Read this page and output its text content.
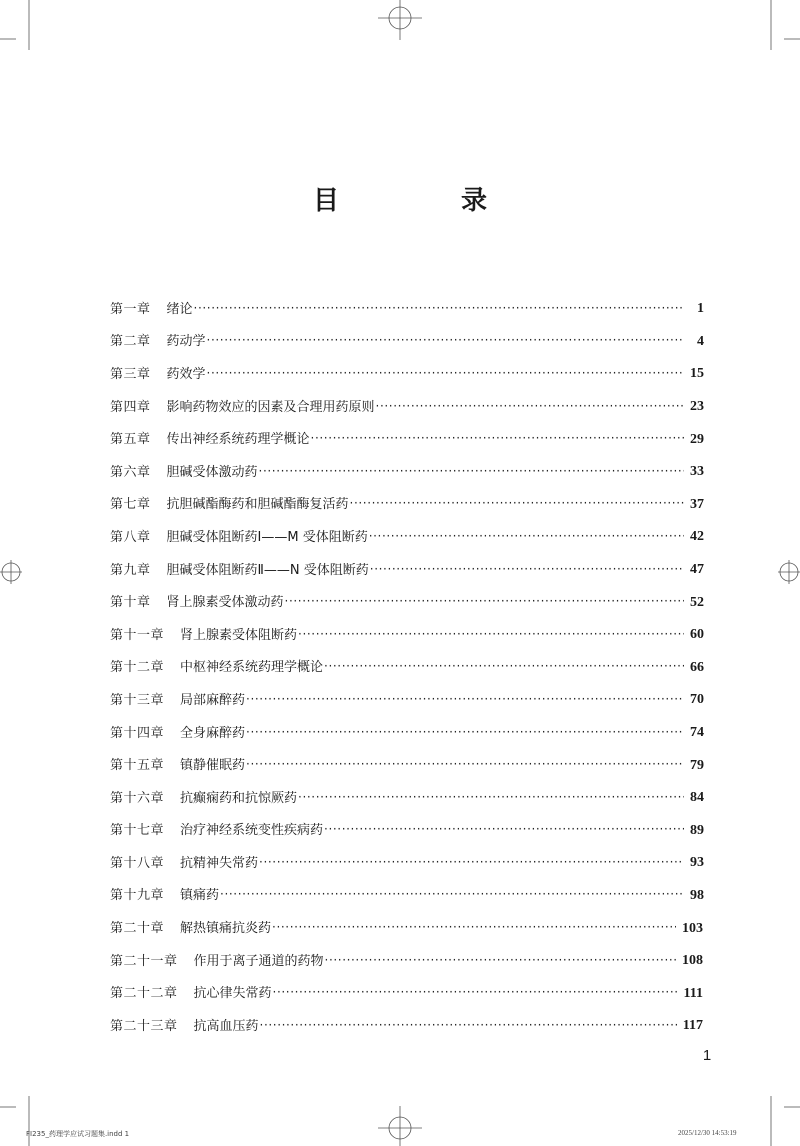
目　录
第一章 绪论 ·····	1
第二章 药动学 ·····	4
第三章 药效学 ·····	15
第四章 影响药物效应的因素及合理用药原则 ·····	23
第五章 传出神经系统药理学概论 ·····	29
第六章 胆碱受体激动药 ·····	33
第七章 抗胆碱酯酶药和胆碱酯酶复活药 ·····	37
第八章 胆碱受体阻断药Ⅰ——M 受体阻断药 ·····	42
第九章 胆碱受体阻断药Ⅱ——N 受体阻断药 ·····	47
第十章 肾上腺素受体激动药 ·····	52
第十一章 肾上腺素受体阻断药 ·····	60
第十二章 中枢神经系统药理学概论 ·····	66
第十三章 局部麻醉药 ·····	70
第十四章 全身麻醉药 ·····	74
第十五章 镇静催眠药 ·····	79
第十六章 抗癫痫药和抗惊厥药 ·····	84
第十七章 治疗神经系统变性疾病药 ·····	89
第十八章 抗精神失常药 ·····	93
第十九章 镇痛药 ·····	98
第二十章 解热镇痛抗炎药 ·····	103
第二十一章 作用于离子通道的药物 ·····	108
第二十二章 抗心律失常药 ·····	111
第二十三章 抗高血压药 ·····	117
1
FI235_药理学应试习题集.indd 1	2025/12/30 14:53:19
